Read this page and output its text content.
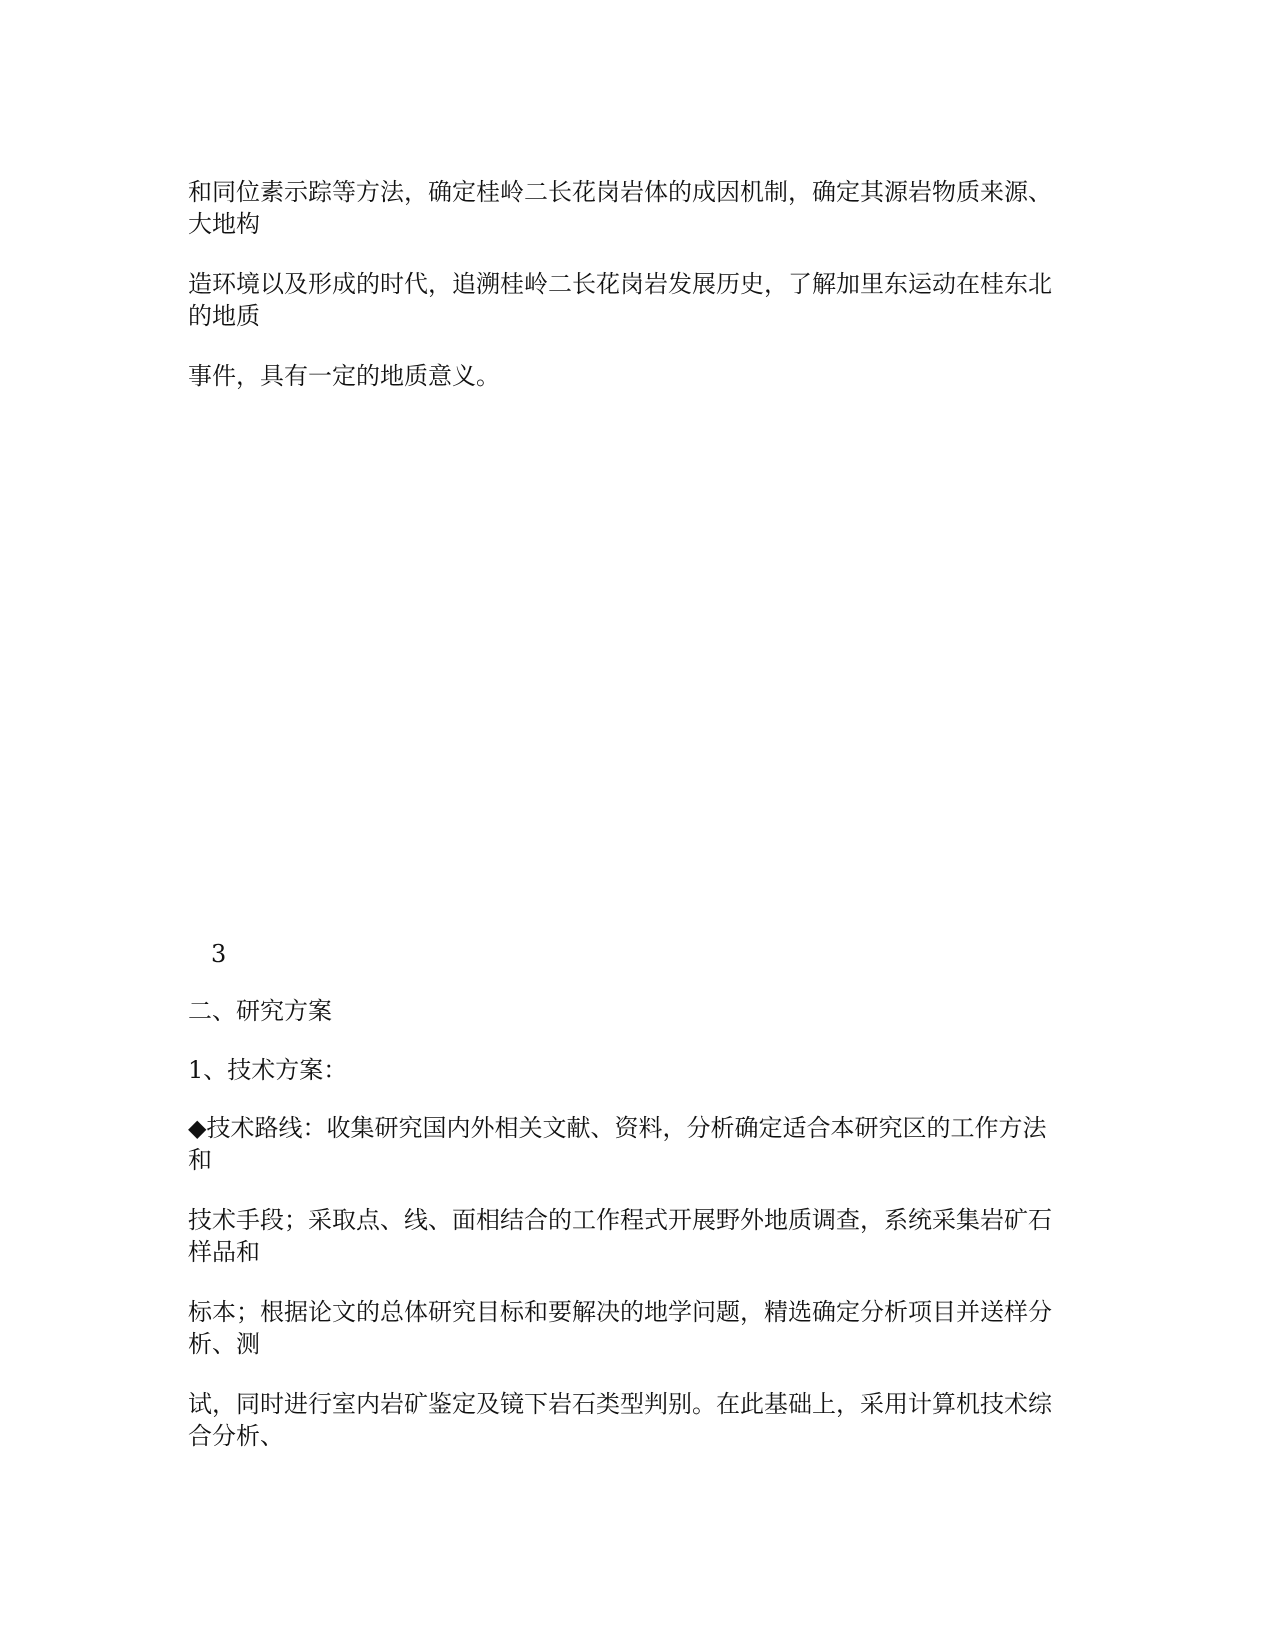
和同位素示踪等方法，确定桂岭二长花岗岩体的成因机制，确定其源岩物质来源、
大地构

造环境以及形成的时代，追溯桂岭二长花岗岩发展历史，了解加里东运动在桂东北
的地质

事件，具有一定的地质意义。

3

二、研究方案

1、技术方案：

◆技术路线：收集研究国内外相关文献、资料，分析确定适合本研究区的工作方法
和

技术手段；采取点、线、面相结合的工作程式开展野外地质调查，系统采集岩矿石
样品和

标本；根据论文的总体研究目标和要解决的地学问题，精选确定分析项目并送样分
析、测

试，同时进行室内岩矿鉴定及镜下岩石类型判别。在此基础上，采用计算机技术综
合分析、
